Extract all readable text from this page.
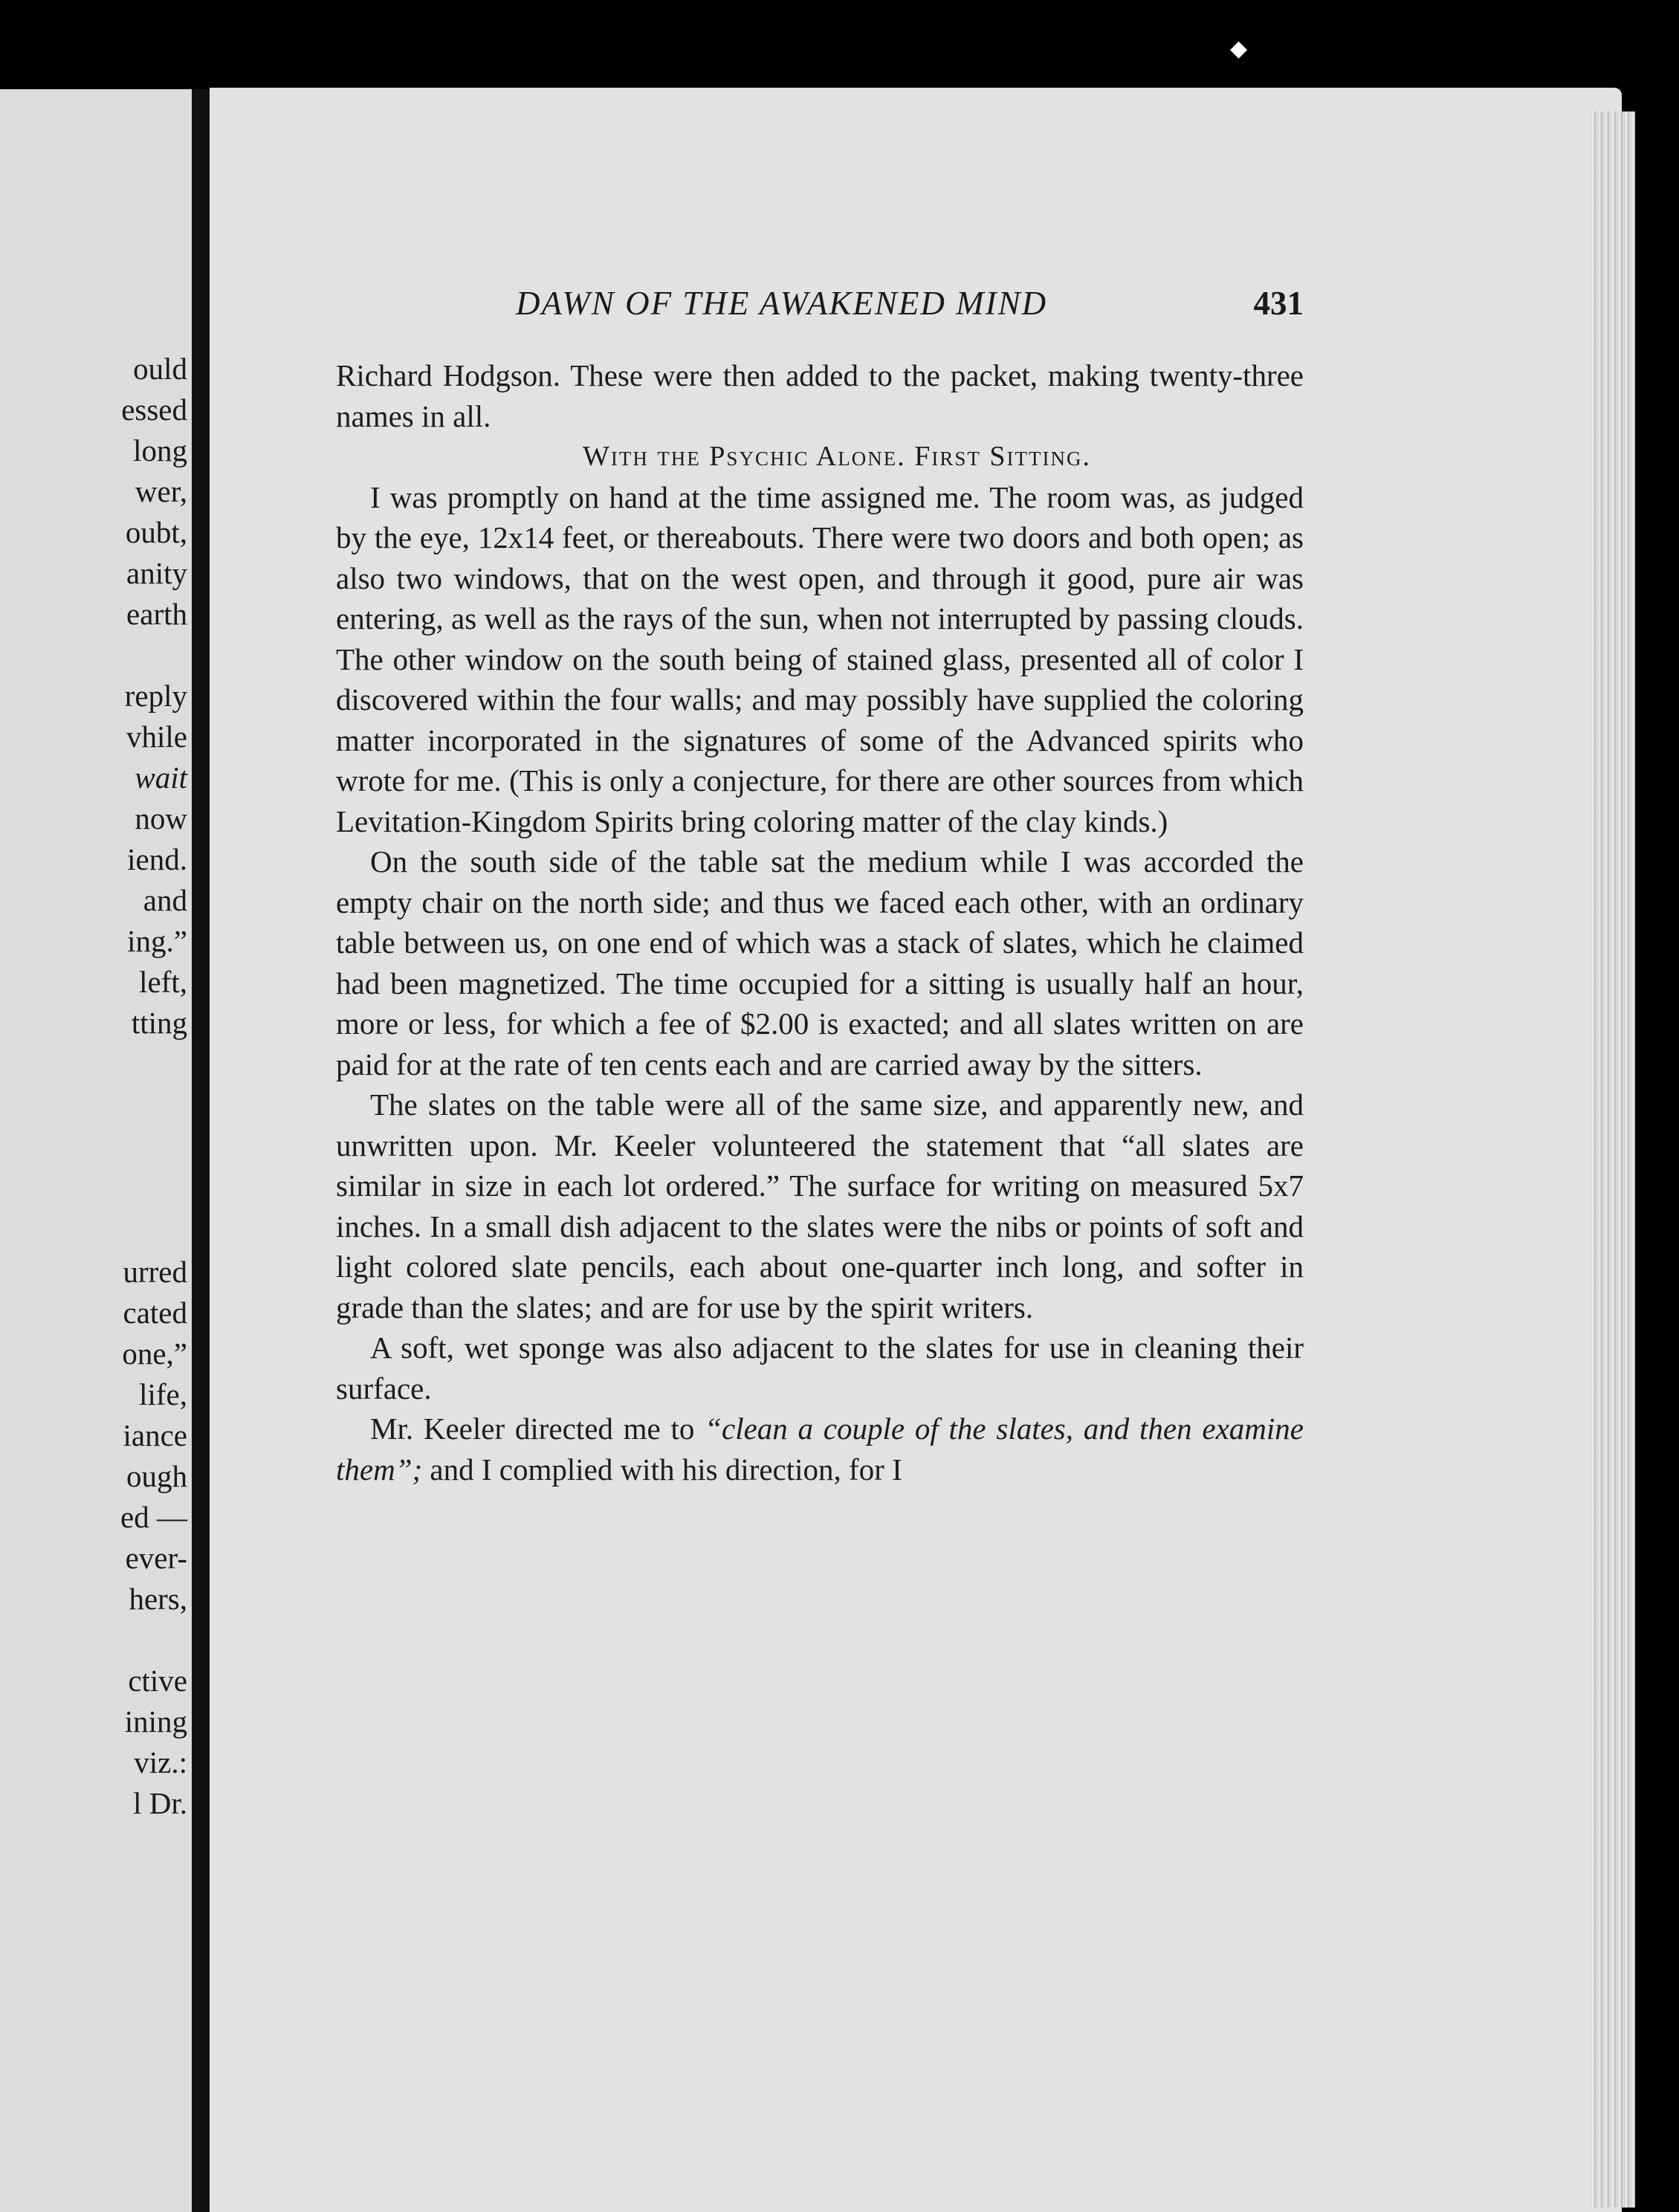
◆
ould
essed
long
wer,
oubt,
anity
earth
reply
vhile
wait
now
iend.
and
ing.”
left,
tting
urred
cated
one,”
life,
iance
ough
ed —
ever-
hers,
ctive
ining
viz.:
l Dr.
DAWN OF THE AWAKENED MIND	431

Richard Hodgson. These were then added to the packet, making twenty-three names in all.

With the Psychic Alone. First Sitting.

I was promptly on hand at the time assigned me. The room was, as judged by the eye, 12x14 feet, or thereabouts. There were two doors and both open; as also two windows, that on the west open, and through it good, pure air was entering, as well as the rays of the sun, when not interrupted by passing clouds. The other window on the south being of stained glass, presented all of color I discovered within the four walls; and may possibly have supplied the coloring matter incorporated in the signatures of some of the Advanced spirits who wrote for me. (This is only a conjecture, for there are other sources from which Levitation-Kingdom Spirits bring coloring matter of the clay kinds.)

On the south side of the table sat the medium while I was accorded the empty chair on the north side; and thus we faced each other, with an ordinary table between us, on one end of which was a stack of slates, which he claimed had been magnetized. The time occupied for a sitting is usually half an hour, more or less, for which a fee of $2.00 is exacted; and all slates written on are paid for at the rate of ten cents each and are carried away by the sitters.

The slates on the table were all of the same size, and apparently new, and unwritten upon. Mr. Keeler volunteered the statement that “all slates are similar in size in each lot ordered.” The surface for writing on measured 5x7 inches. In a small dish adjacent to the slates were the nibs or points of soft and light colored slate pencils, each about one-quarter inch long, and softer in grade than the slates; and are for use by the spirit writers.

A soft, wet sponge was also adjacent to the slates for use in cleaning their surface.

Mr. Keeler directed me to “clean a couple of the slates, and then examine them”; and I complied with his direction, for I
